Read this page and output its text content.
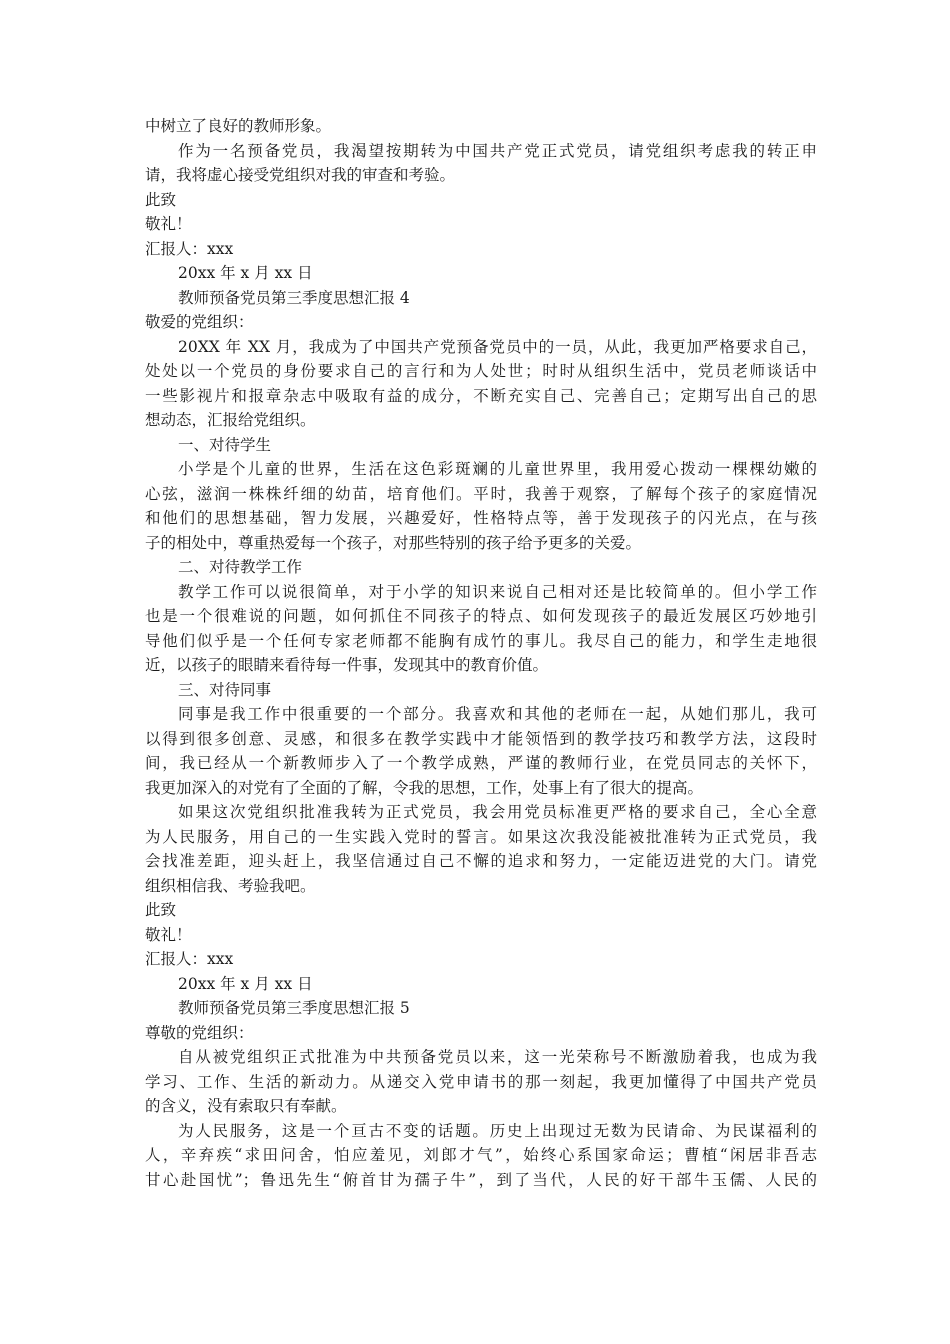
中树立了良好的教师形象。
作为一名预备党员，我渴望按期转为中国共产党正式党员，请党组织考虑我的转正申
请，我将虚心接受党组织对我的审查和考验。
此致
敬礼！
汇报人：xxx
20xx 年 x 月 xx 日
教师预备党员第三季度思想汇报 4
敬爱的党组织：
20XX 年 XX 月，我成为了中国共产党预备党员中的一员，从此，我更加严格要求自己，
处处以一个党员的身份要求自己的言行和为人处世；时时从组织生活中，党员老师谈话中
一些影视片和报章杂志中吸取有益的成分，不断充实自己、完善自己；定期写出自己的思
想动态，汇报给党组织。
一、对待学生
小学是个儿童的世界，生活在这色彩斑斓的儿童世界里，我用爱心拨动一棵棵幼嫩的
心弦，滋润一株株纤细的幼苗，培育他们。平时，我善于观察，了解每个孩子的家庭情况
和他们的思想基础，智力发展，兴趣爱好，性格特点等，善于发现孩子的闪光点，在与孩
子的相处中，尊重热爱每一个孩子，对那些特别的孩子给予更多的关爱。
二、对待教学工作
教学工作可以说很简单，对于小学的知识来说自己相对还是比较简单的。但小学工作
也是一个很难说的问题，如何抓住不同孩子的特点、如何发现孩子的最近发展区巧妙地引
导他们似乎是一个任何专家老师都不能胸有成竹的事儿。我尽自己的能力，和学生走地很
近，以孩子的眼睛来看待每一件事，发现其中的教育价值。
三、对待同事
同事是我工作中很重要的一个部分。我喜欢和其他的老师在一起，从她们那儿，我可
以得到很多创意、灵感，和很多在教学实践中才能领悟到的教学技巧和教学方法，这段时
间，我已经从一个新教师步入了一个教学成熟，严谨的教师行业，在党员同志的关怀下，
我更加深入的对党有了全面的了解，令我的思想，工作，处事上有了很大的提高。
如果这次党组织批准我转为正式党员，我会用党员标准更严格的要求自己，全心全意
为人民服务，用自己的一生实践入党时的誓言。如果这次我没能被批准转为正式党员，我
会找准差距，迎头赶上，我坚信通过自己不懈的追求和努力，一定能迈进党的大门。请党
组织相信我、考验我吧。
此致
敬礼！
汇报人：xxx
20xx 年 x 月 xx 日
教师预备党员第三季度思想汇报 5
尊敬的党组织：
自从被党组织正式批准为中共预备党员以来，这一光荣称号不断激励着我，也成为我
学习、工作、生活的新动力。从递交入党申请书的那一刻起，我更加懂得了中国共产党员
的含义，没有索取只有奉献。
为人民服务，这是一个亘古不变的话题。历史上出现过无数为民请命、为民谋福利的
人，辛弃疾“求田问舍，怕应羞见，刘郎才气”，始终心系国家命运；曹植“闲居非吾志
甘心赴国忧”；鲁迅先生“俯首甘为孺子牛”，到了当代，人民的好干部牛玉儒、人民的
